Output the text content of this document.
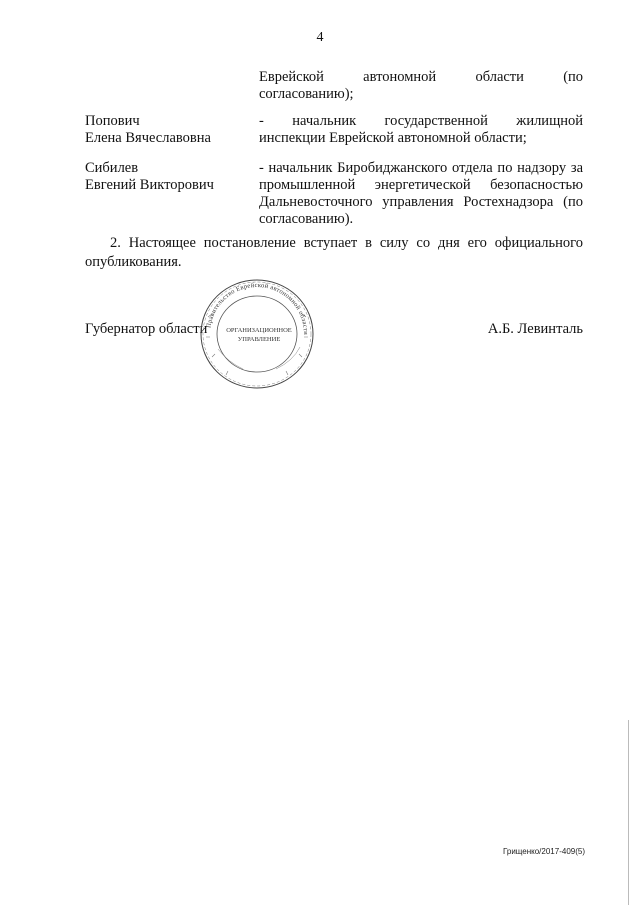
4
Еврейской	автономной	области	(по
согласованию);
Попович
Елена Вячеславовна
- начальник государственной жилищной
инспекции Еврейской автономной области;
Сибилев
Евгений Викторович
- начальник Биробиджанского отдела по надзору за промышленной энергетической безопасностью Дальневосточного управления Ростехнадзора (по согласованию).
2. Настоящее постановление вступает в силу со дня его официального опубликования.
Губернатор области	А.Б. Левинталь
Правительство Еврейской автономной области
ОРГАНИЗАЦИОННОЕ
УПРАВЛЕНИЕ
Грищенко/2017-409(5)
